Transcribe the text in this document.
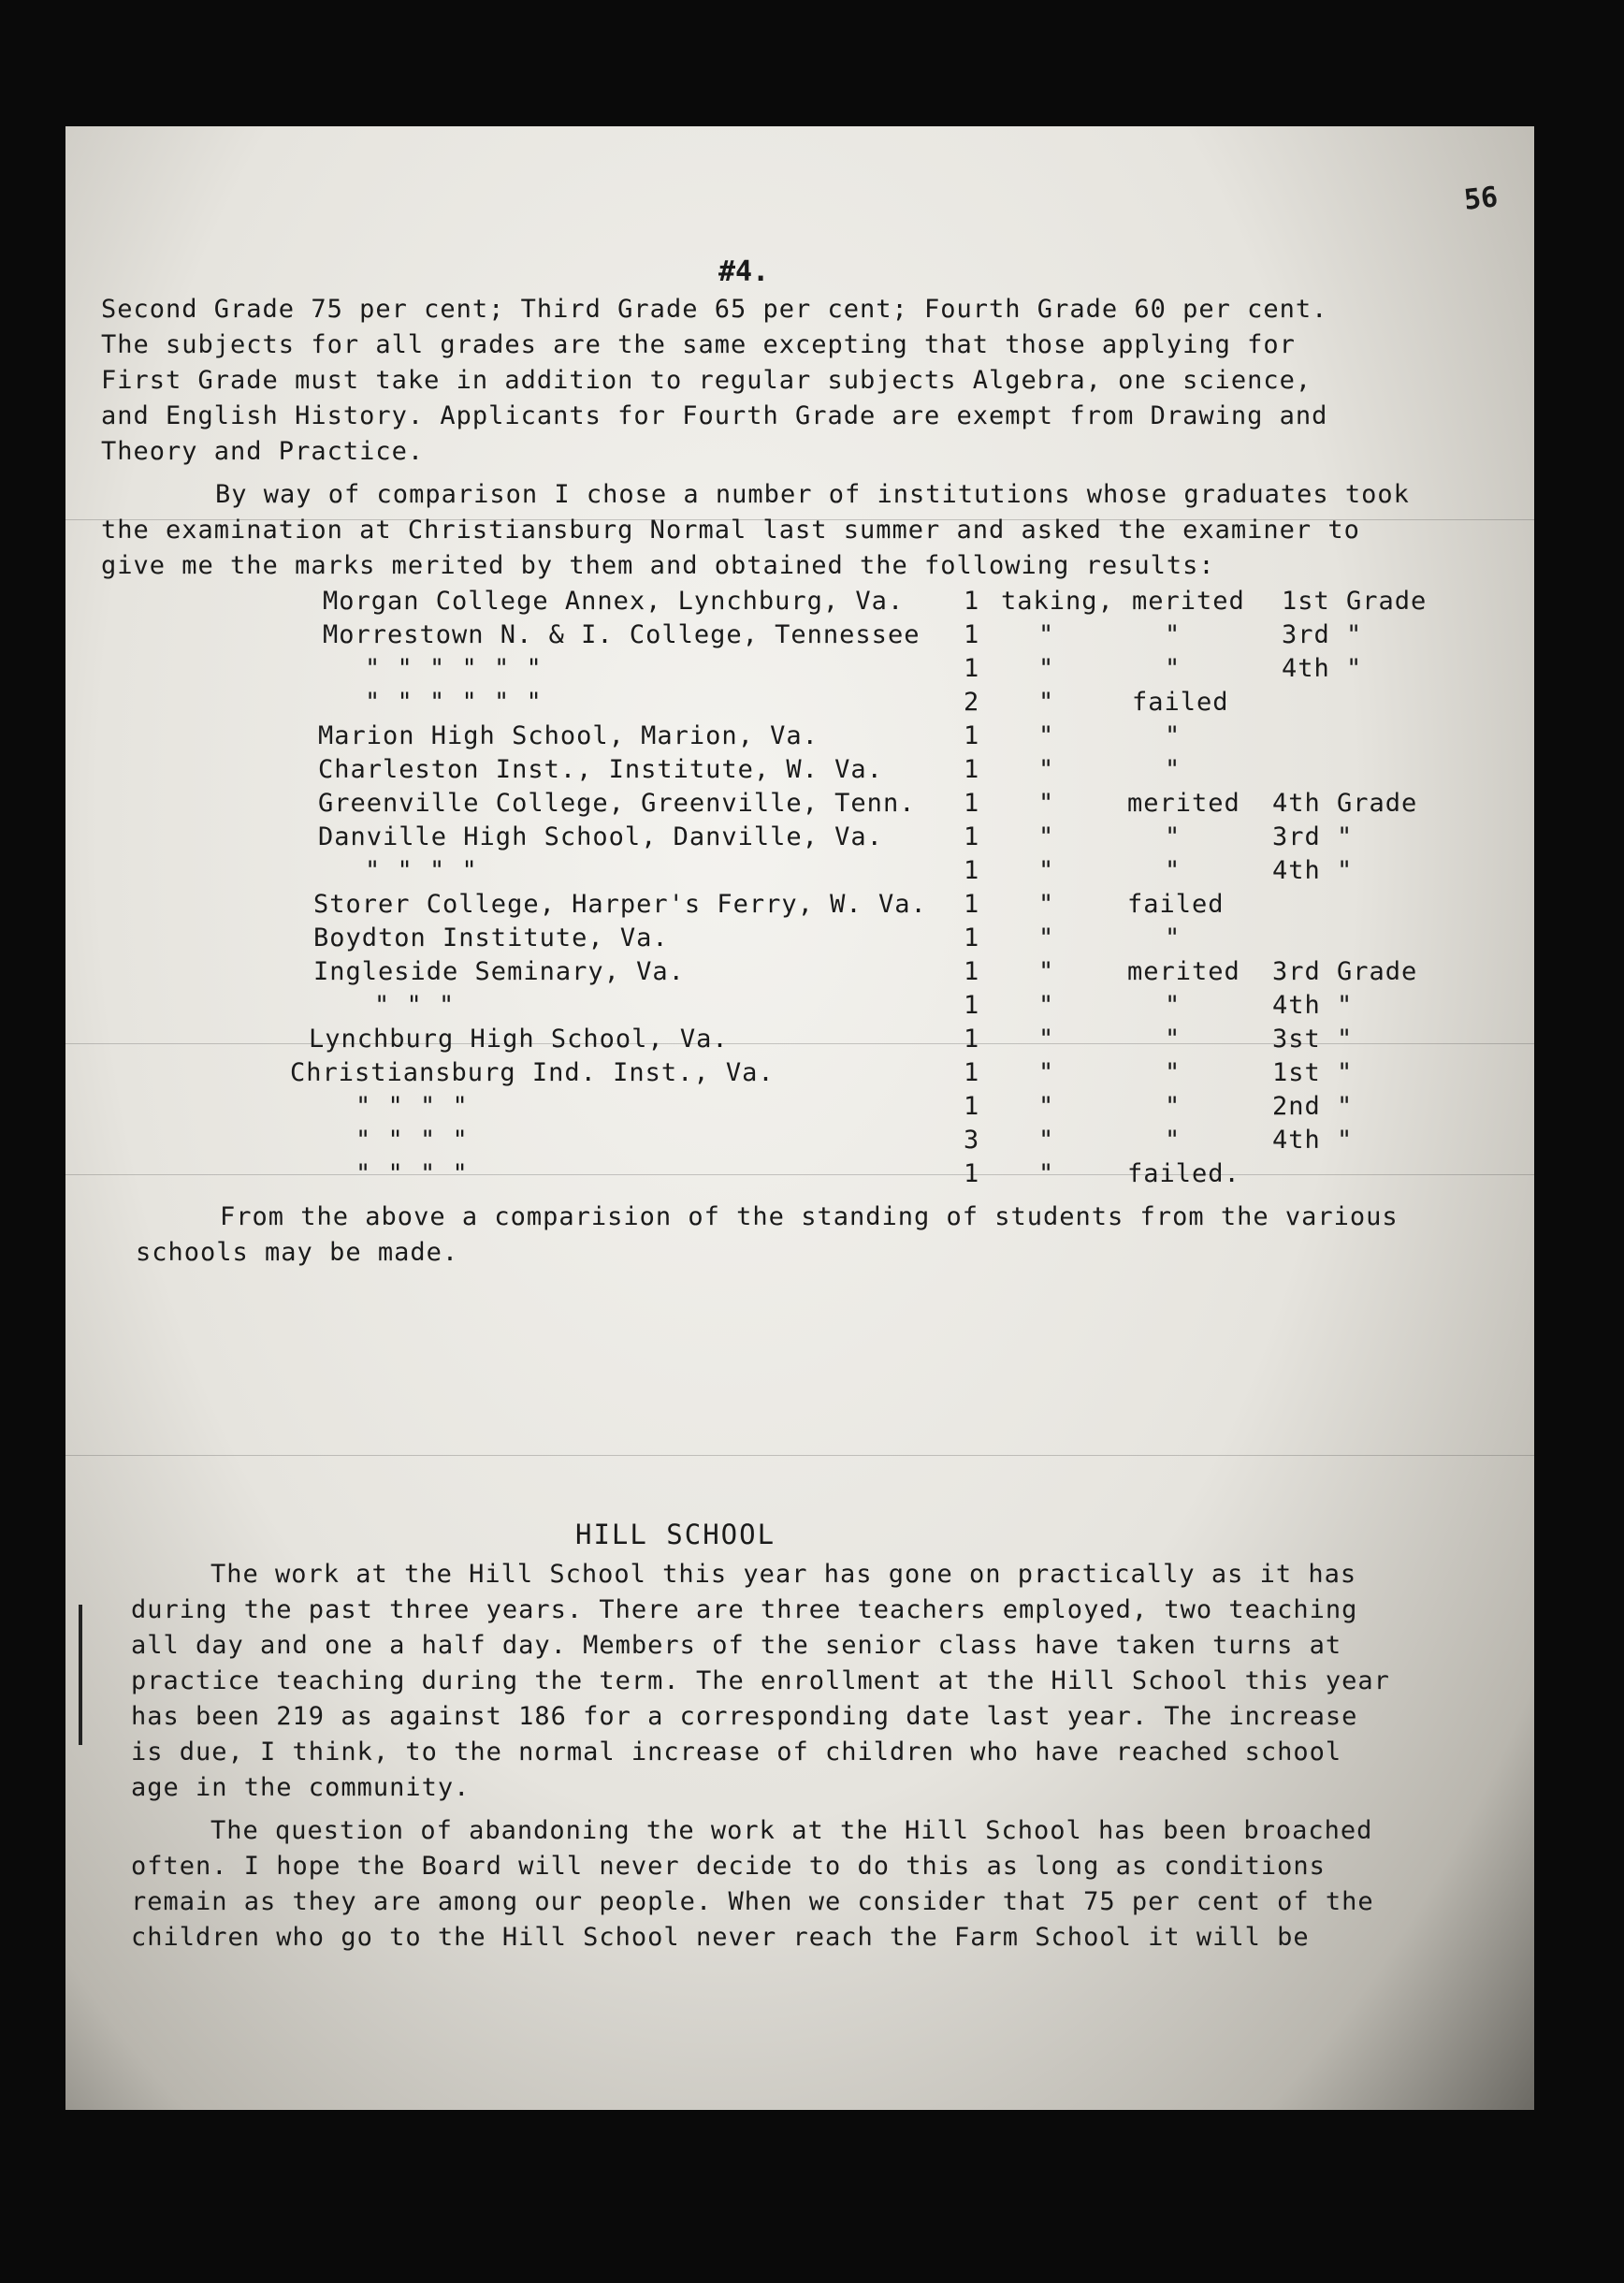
56
#4.
Second Grade 75 per cent; Third Grade 65 per cent; Fourth Grade 60 per cent.
The subjects for all grades are the same excepting that those applying for
First Grade must take in addition to regular subjects Algebra, one science,
and English History. Applicants for Fourth Grade are exempt from Drawing and
Theory and Practice.
By way of comparison I chose a number of institutions whose graduates took
the examination at Christiansburg Normal last summer and asked the examiner to
give me the marks merited by them and obtained the following results:
Morgan College Annex, Lynchburg, Va. 1 taking, merited 1st Grade
Morrestown N. & I. College, Tennessee 1 "	"	3rd "
" " " " " "	1 "	"	4th "
" " " " " "	2 "	failed
Marion High School, Marion, Va.	1 "	"
Charleston Inst., Institute, W. Va.	1 "	"
Greenville College, Greenville, Tenn. 1 "	merited 4th Grade
Danville High School, Danville, Va.	1 "	"	3rd "
" " " "	1 "	"	4th "
Storer College, Harper's Ferry, W. Va. 1 "	failed
Boydton Institute, Va.	1 "	"
Ingleside Seminary, Va.	1 "	merited 3rd Grade
" " "	1 "	"	4th "
Lynchburg High School, Va.	1 "	"	3st "
Christiansburg Ind. Inst., Va.	1 "	"	1st "
" " " "	1 "	"	2nd "
" " " "	3 "	"	4th "
" " " "	1 "	failed.
From the above a comparision of the standing of students from the various
schools may be made.
HILL SCHOOL
The work at the Hill School this year has gone on practically as it has
during the past three years. There are three teachers employed, two teaching
all day and one a half day. Members of the senior class have taken turns at
practice teaching during the term. The enrollment at the Hill School this year
has been 219 as against 186 for a corresponding date last year. The increase
is due, I think, to the normal increase of children who have reached school
age in the community.
The question of abandoning the work at the Hill School has been broached
often. I hope the Board will never decide to do this as long as conditions
remain as they are among our people. When we consider that 75 per cent of the
children who go to the Hill School never reach the Farm School it will be
